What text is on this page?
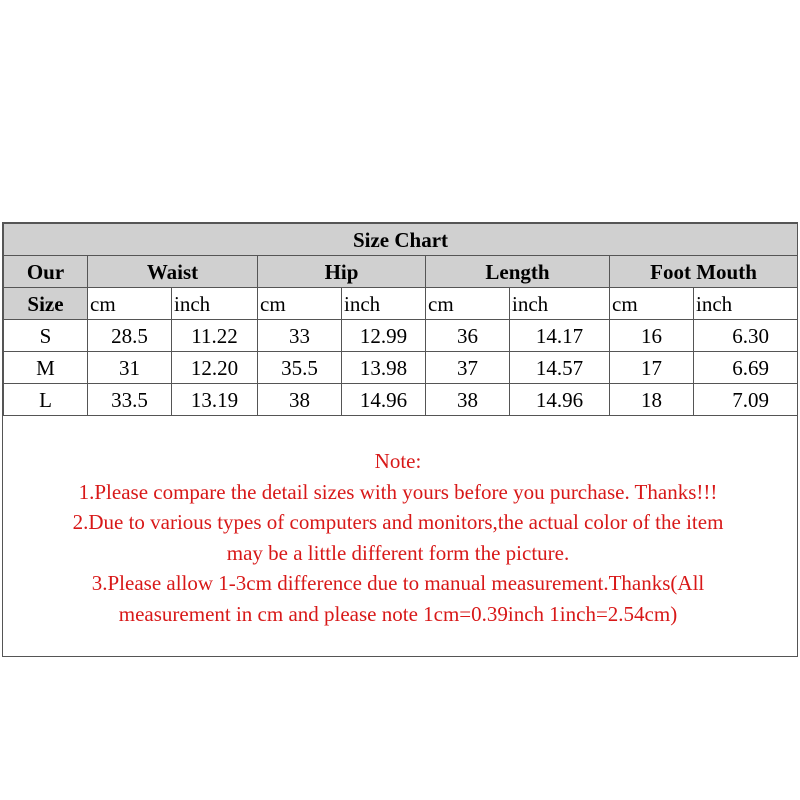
Size Chart								
Our	Waist		Hip		Length		Foot Mouth	
Size	cm	inch	cm	inch	cm	inch	cm	inch
S	28.5	11.22	33	12.99	36	14.17	16	6.30
M	31	12.20	35.5	13.98	37	14.57	17	6.69
L	33.5	13.19	38	14.96	38	14.96	18	7.09
Note:
1.Please compare the detail sizes with yours before you purchase. Thanks!!!
2.Due to various types of computers and monitors,the actual color of the item
may be a little different form the picture.
3.Please allow 1-3cm difference due to manual measurement.Thanks(All
measurement in cm and please note 1cm=0.39inch 1inch=2.54cm)
